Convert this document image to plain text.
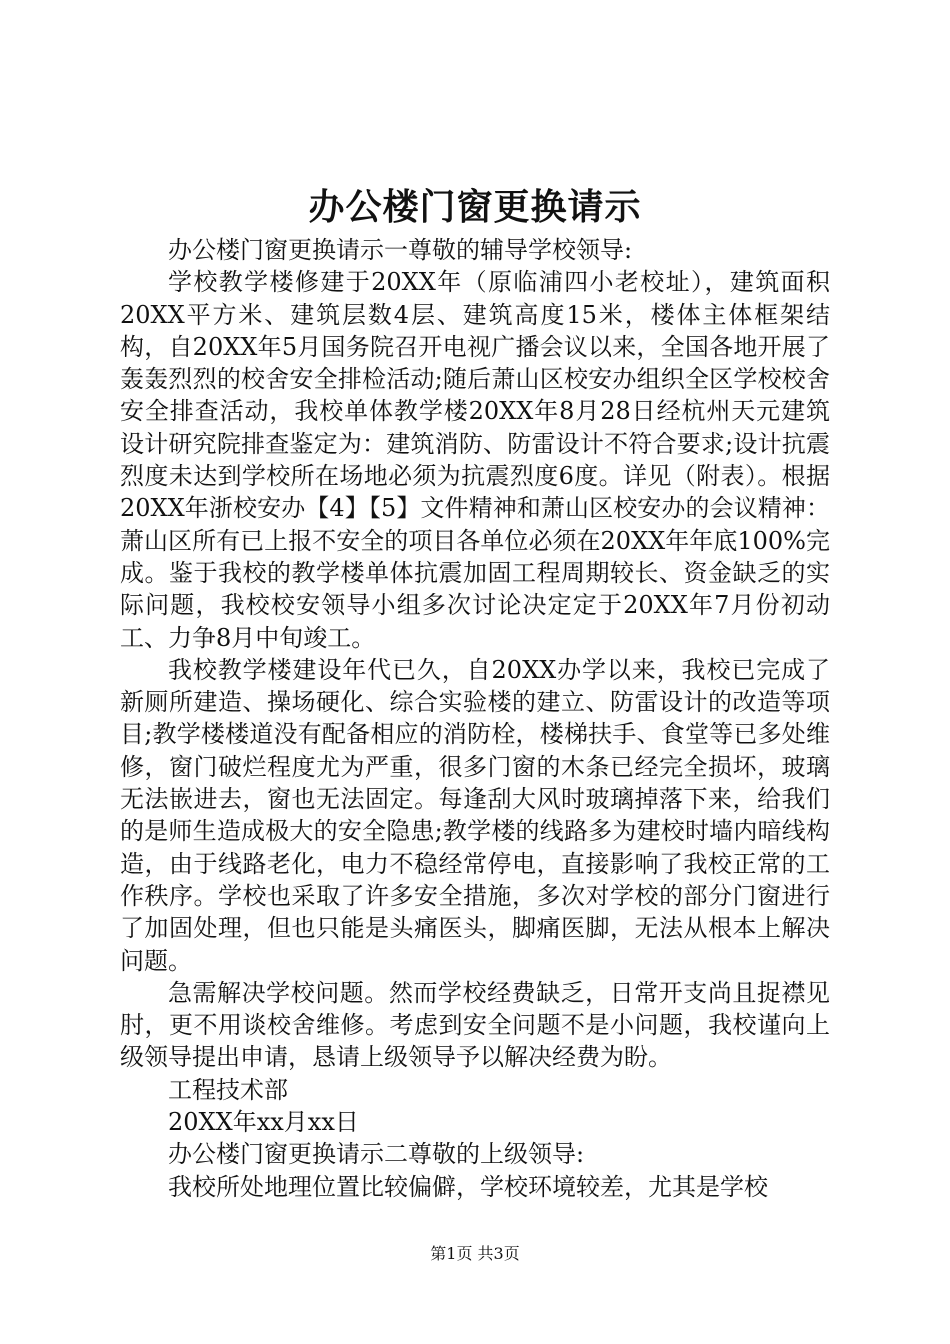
办公楼门窗更换请示

办公楼门窗更换请示一尊敬的辅导学校领导:

学校教学楼修建于20XX年（原临浦四小老校址），建筑面积20XX平方米、建筑层数4层、建筑高度15米，楼体主体框架结构，自20XX年5月国务院召开电视广播会议以来，全国各地开展了轰轰烈烈的校舍安全排检活动;随后萧山区校安办组织全区学校校舍安全排查活动，我校单体教学楼20XX年8月28日经杭州天元建筑设计研究院排查鉴定为：建筑消防、防雷设计不符合要求;设计抗震烈度未达到学校所在场地必须为抗震烈度6度。详见（附表）。根据20XX年浙校安办【4】【5】文件精神和萧山区校安办的会议精神：萧山区所有已上报不安全的项目各单位必须在20XX年年底100%完成。鉴于我校的教学楼单体抗震加固工程周期较长、资金缺乏的实际问题，我校校安领导小组多次讨论决定定于20XX年7月份初动工、力争8月中旬竣工。

我校教学楼建设年代已久，自20XX办学以来，我校已完成了新厕所建造、操场硬化、综合实验楼的建立、防雷设计的改造等项目;教学楼楼道没有配备相应的消防栓，楼梯扶手、食堂等已多处维修，窗门破烂程度尤为严重，很多门窗的木条已经完全损坏，玻璃无法嵌进去，窗也无法固定。每逢刮大风时玻璃掉落下来，给我们的是师生造成极大的安全隐患;教学楼的线路多为建校时墙内暗线构造，由于线路老化，电力不稳经常停电，直接影响了我校正常的工作秩序。学校也采取了许多安全措施，多次对学校的部分门窗进行了加固处理，但也只能是头痛医头，脚痛医脚，无法从根本上解决问题。

急需解决学校问题。然而学校经费缺乏，日常开支尚且捉襟见肘，更不用谈校舍维修。考虑到安全问题不是小问题，我校谨向上级领导提出申请，恳请上级领导予以解决经费为盼。

工程技术部

20XX年xx月xx日

办公楼门窗更换请示二尊敬的上级领导:

我校所处地理位置比较偏僻，学校环境较差，尤其是学校

第1页 共3页
